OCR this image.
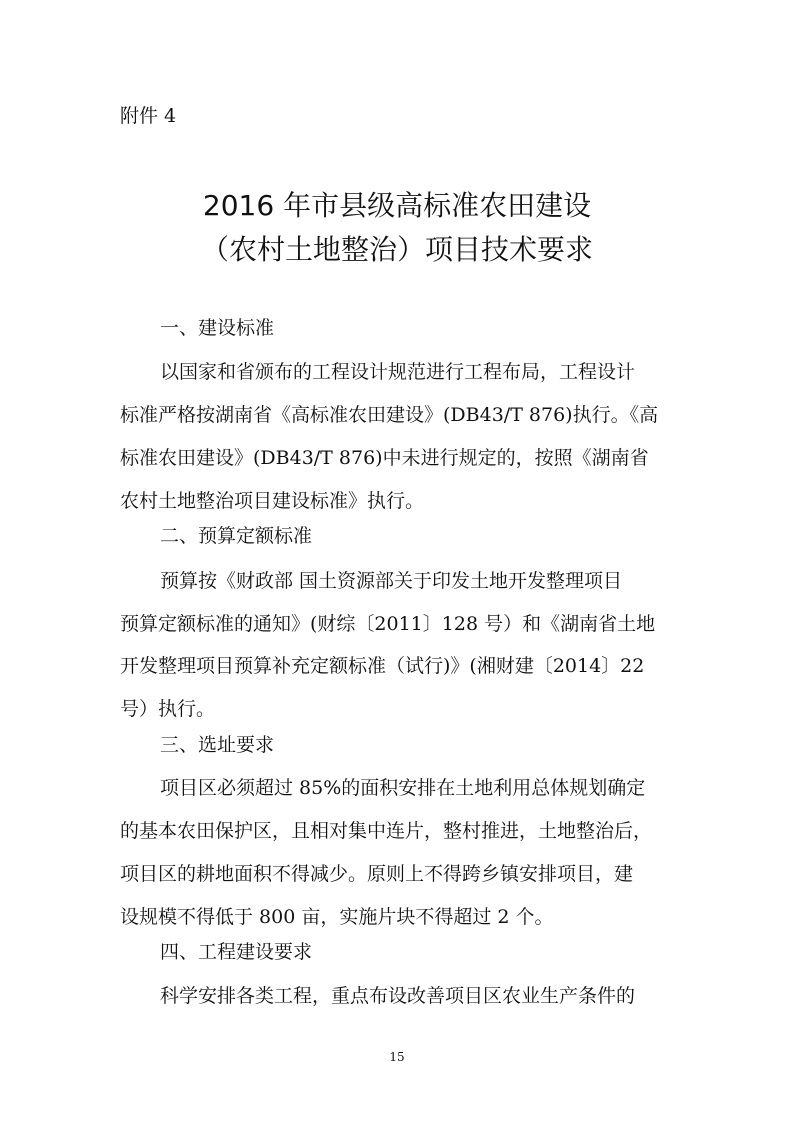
附件 4
2016 年市县级高标准农田建设
（农村土地整治）项目技术要求
一、建设标准
以国家和省颁布的工程设计规范进行工程布局，工程设计
标准严格按湖南省《高标准农田建设》(DB43/T 876)执行。《高
标准农田建设》(DB43/T 876)中未进行规定的，按照《湖南省
农村土地整治项目建设标准》执行。
二、预算定额标准
预算按《财政部 国土资源部关于印发土地开发整理项目
预算定额标准的通知》(财综〔2011〕128 号）和《湖南省土地
开发整理项目预算补充定额标准（试行)》(湘财建〔2014〕22
号）执行。
三、选址要求
项目区必须超过 85%的面积安排在土地利用总体规划确定
的基本农田保护区，且相对集中连片，整村推进，土地整治后，
项目区的耕地面积不得减少。原则上不得跨乡镇安排项目，建
设规模不得低于 800 亩，实施片块不得超过 2 个。
四、工程建设要求
科学安排各类工程，重点布设改善项目区农业生产条件的
15
